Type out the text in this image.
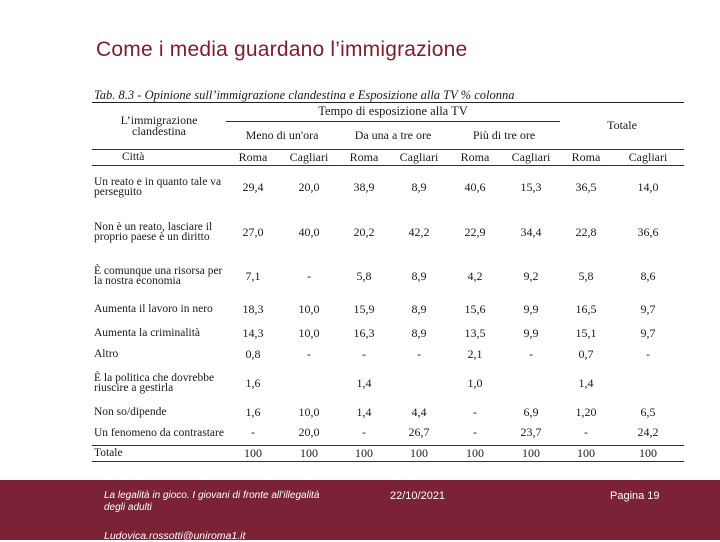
Come i media guardano l’immigrazione
Tab. 8.3 - Opinione sull’immigrazione clandestina e Esposizione alla TV % colonna
L’immigrazione clandestina	Tempo di esposizione alla TV						Totale	
	Meno di un'ora		Da una a tre ore		Più di tre ore			
Città	Roma	Cagliari	Roma	Cagliari	Roma	Cagliari	Roma	Cagliari
Un reato e in quanto tale va perseguito	29,4	20,0	38,9	8,9	40,6	15,3	36,5	14,0
Non è un reato, lasciare il proprio paese è un diritto	27,0	40,0	20,2	42,2	22,9	34,4	22,8	36,6
È comunque una risorsa per la nostra economia	7,1	-	5,8	8,9	4,2	9,2	5,8	8,6
Aumenta il lavoro in nero	18,3	10,0	15,9	8,9	15,6	9,9	16,5	9,7
Aumenta la criminalità	14,3	10,0	16,3	8,9	13,5	9,9	15,1	9,7
Altro	0,8	-	-	-	2,1	-	0,7	-
È la politica che dovrebbe riuscire a gestirla	1,6		1,4		1,0		1,4	
Non so/dipende	1,6	10,0	1,4	4,4	-	6,9	1,20	6,5
Un fenomeno da contrastare	-	20,0	-	26,7	-	23,7	-	24,2
Totale	100	100	100	100	100	100	100	100
La legalità in gioco. I giovani di fronte all'illegalità degli adulti
Ludovica.rossotti@uniroma1.it
22/10/2021	Pagina 19
